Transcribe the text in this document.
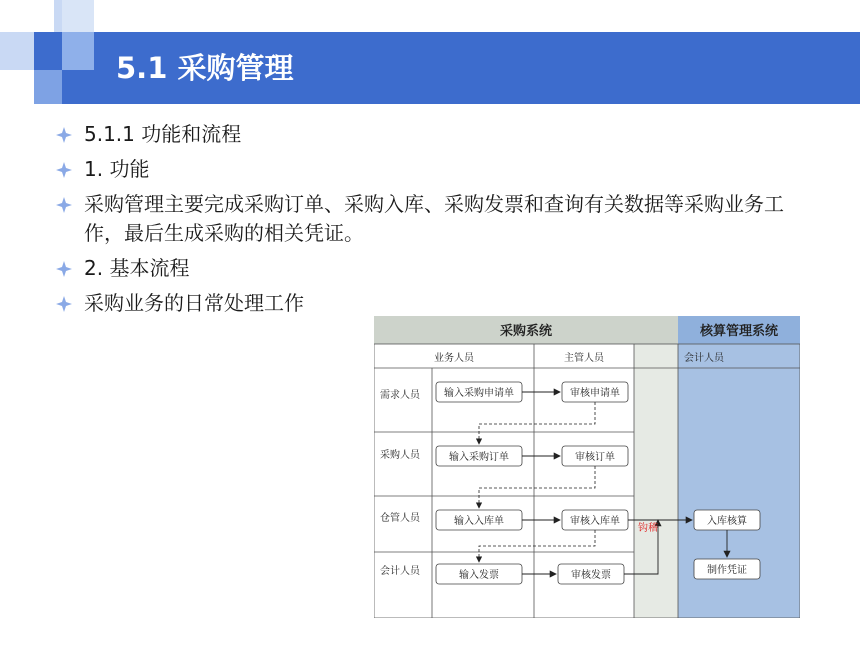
5.1 采购管理
5.1.1 功能和流程
1. 功能
采购管理主要完成采购订单、采购入库、采购发票和查询有关数据等采购业务工作，最后生成采购的相关凭证。
2. 基本流程
采购业务的日常处理工作
采购系统	核算管理系统
业务人员	主管人员	会计人员
需求人员
采购人员
仓管人员
会计人员
输入采购申请单	审核申请单
输入采购订单	审核订单
输入入库单	审核入库单
输入发票	审核发票
入库核算
制作凭证
钩稽
